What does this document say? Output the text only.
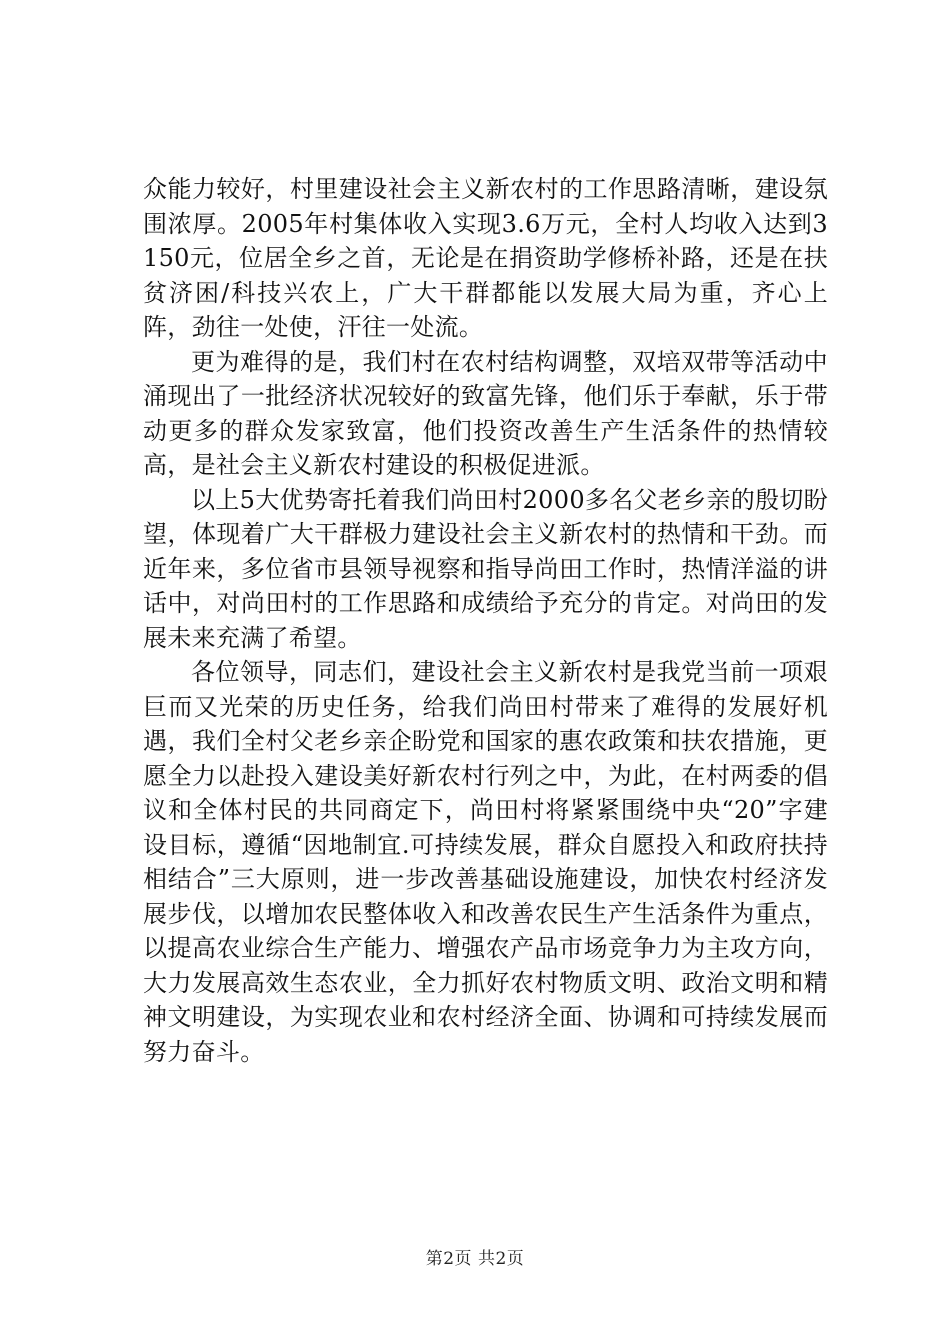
众能力较好，村里建设社会主义新农村的工作思路清晰，建设氛围浓厚。2005年村集体收入实现3.6万元，全村人均收入达到3150元，位居全乡之首，无论是在捐资助学修桥补路，还是在扶贫济困/科技兴农上，广大干群都能以发展大局为重，齐心上阵，劲往一处使，汗往一处流。

更为难得的是，我们村在农村结构调整，双培双带等活动中涌现出了一批经济状况较好的致富先锋，他们乐于奉献，乐于带动更多的群众发家致富，他们投资改善生产生活条件的热情较高，是社会主义新农村建设的积极促进派。

以上5大优势寄托着我们尚田村2000多名父老乡亲的殷切盼望，体现着广大干群极力建设社会主义新农村的热情和干劲。而近年来，多位省市县领导视察和指导尚田工作时，热情洋溢的讲话中，对尚田村的工作思路和成绩给予充分的肯定。对尚田的发展未来充满了希望。

各位领导，同志们，建设社会主义新农村是我党当前一项艰巨而又光荣的历史任务，给我们尚田村带来了难得的发展好机遇，我们全村父老乡亲企盼党和国家的惠农政策和扶农措施，更愿全力以赴投入建设美好新农村行列之中，为此，在村两委的倡议和全体村民的共同商定下，尚田村将紧紧围绕中央“20”字建设目标，遵循“因地制宜.可持续发展，群众自愿投入和政府扶持相结合”三大原则，进一步改善基础设施建设，加快农村经济发展步伐，以增加农民整体收入和改善农民生产生活条件为重点，以提高农业综合生产能力、增强农产品市场竞争力为主攻方向，大力发展高效生态农业，全力抓好农村物质文明、政治文明和精神文明建设，为实现农业和农村经济全面、协调和可持续发展而努力奋斗。

第2页 共2页
